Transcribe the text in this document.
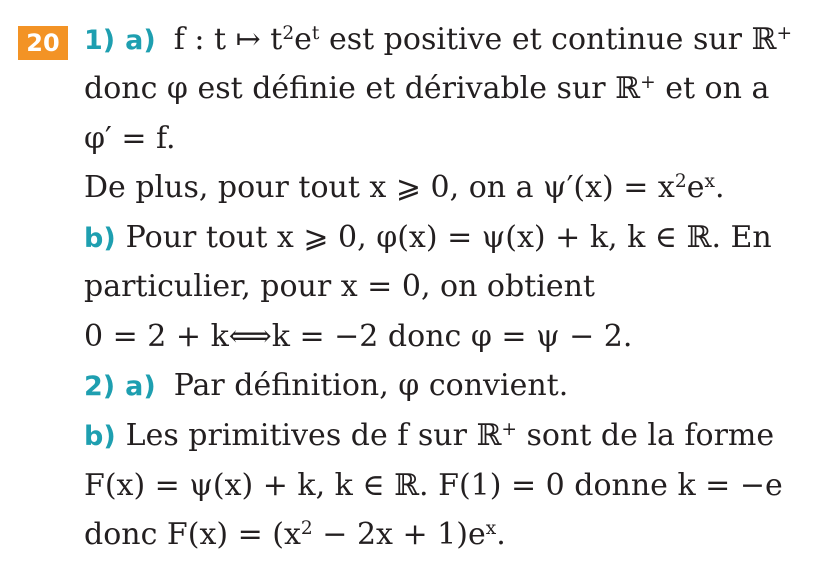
20 1) a) f : t ↦ $t^2e^t$ est positive et continue sur ℝ+
donc φ est définie et dérivable sur ℝ+ et on a
φ′ = f.
De plus, pour tout x ⩾ 0, on a $\psi'(x) = x^2e^x$.
b) Pour tout x ⩾ 0, φ(x) = ψ(x) + k, k ∈ ℝ. En
particulier, pour x = 0, on obtient
0 = 2 + k⟺k = −2 donc φ = ψ − 2.
2) a) Par définition, φ convient.
b) Les primitives de f sur ℝ+ sont de la forme
F(x) = ψ(x) + k, k ∈ ℝ. F(1) = 0 donne k = −e
donc $F(x) = (x^2 - 2x + 1)e^x$.
